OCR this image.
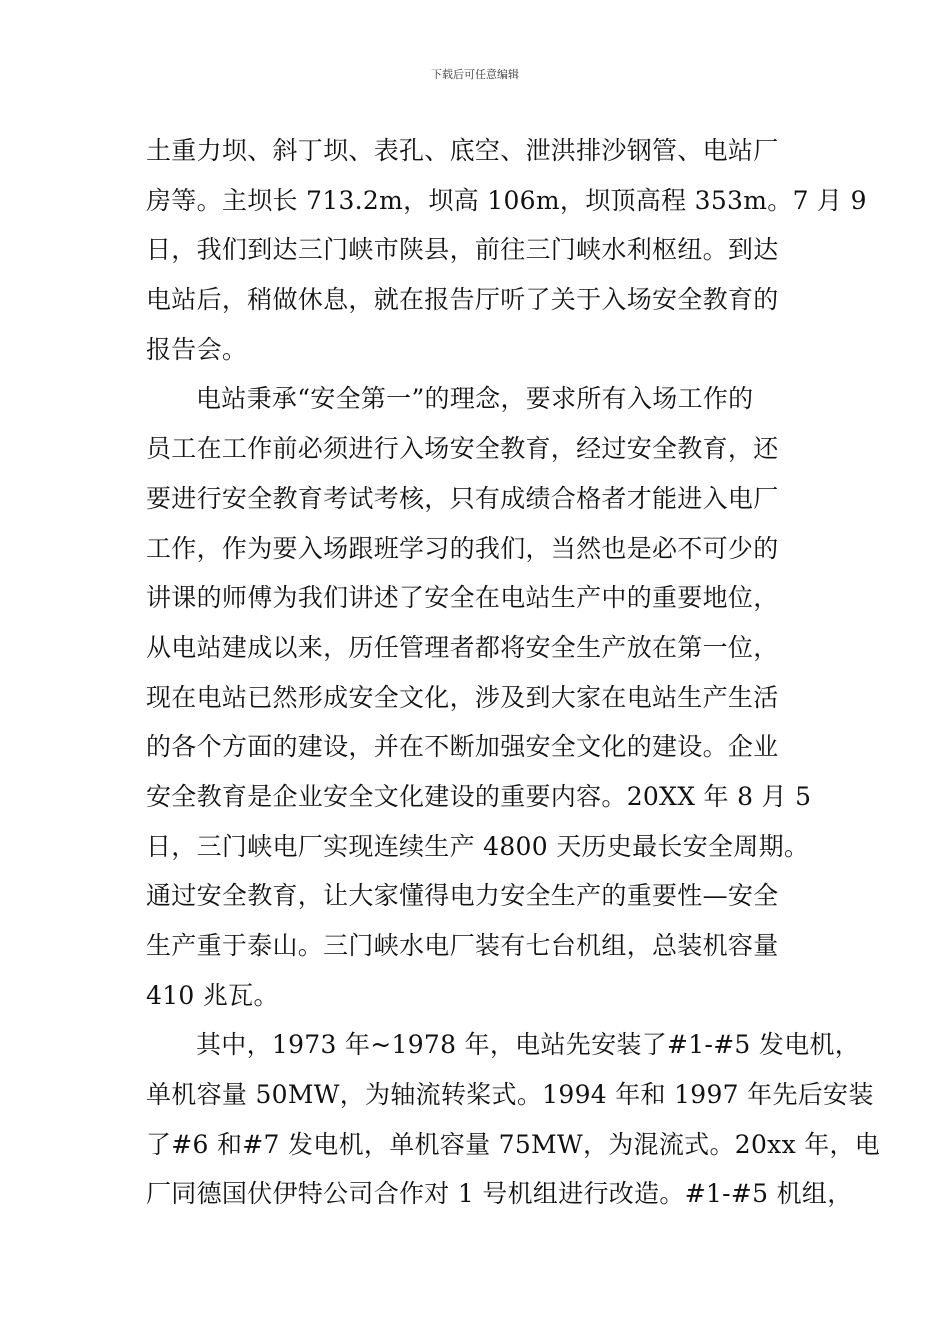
下载后可任意编辑
土重力坝、斜丁坝、表孔、底空、泄洪排沙钢管、电站厂
房等。主坝长 713.2m，坝高 106m，坝顶高程 353m。7 月 9
日，我们到达三门峡市陕县，前往三门峡水利枢纽。到达
电站后，稍做休息，就在报告厅听了关于入场安全教育的
报告会。
电站秉承“安全第一”的理念，要求所有入场工作的
员工在工作前必须进行入场安全教育，经过安全教育，还
要进行安全教育考试考核，只有成绩合格者才能进入电厂
工作，作为要入场跟班学习的我们，当然也是必不可少的
讲课的师傅为我们讲述了安全在电站生产中的重要地位，
从电站建成以来，历任管理者都将安全生产放在第一位，
现在电站已然形成安全文化，涉及到大家在电站生产生活
的各个方面的建设，并在不断加强安全文化的建设。企业
安全教育是企业安全文化建设的重要内容。20XX 年 8 月 5
日，三门峡电厂实现连续生产 4800 天历史最长安全周期。
通过安全教育，让大家懂得电力安全生产的重要性—安全
生产重于泰山。三门峡水电厂装有七台机组，总装机容量
410 兆瓦。
其中，1973 年~1978 年，电站先安装了#1-#5 发电机，
单机容量 50MW，为轴流转桨式。1994 年和 1997 年先后安装
了#6 和#7 发电机，单机容量 75MW，为混流式。20xx 年，电
厂同德国伏伊特公司合作对 1 号机组进行改造。#1-#5 机组，
